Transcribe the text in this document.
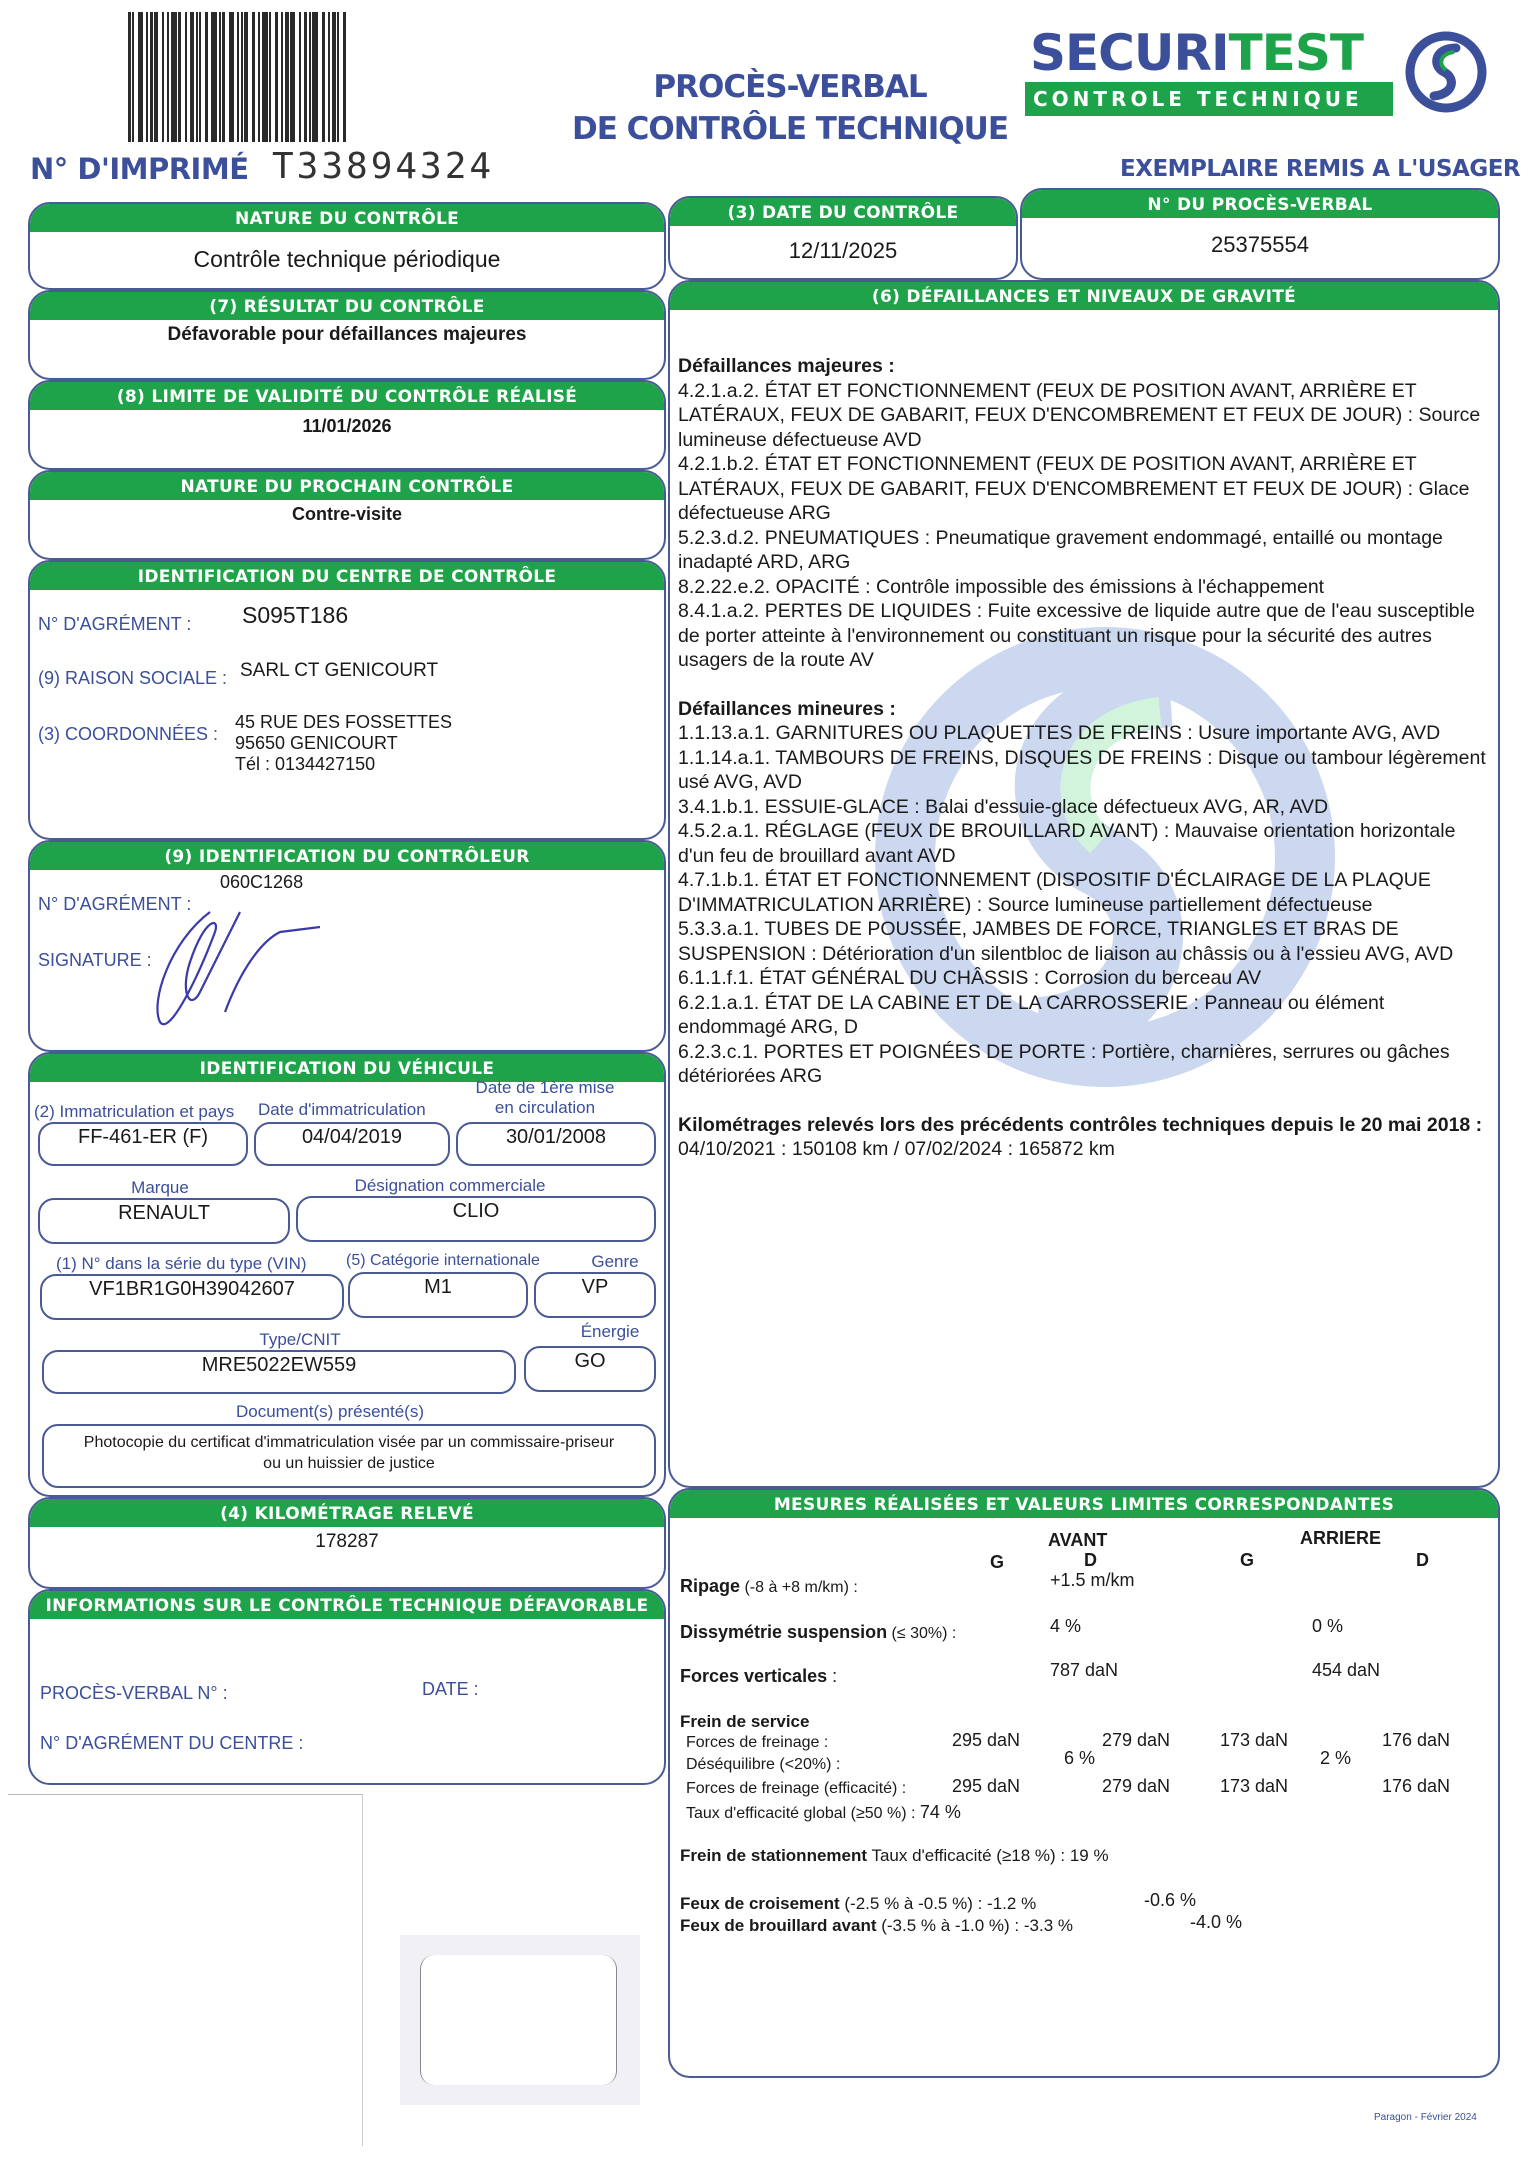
N° D'IMPRIMÉ T33894324
PROCÈS-VERBAL
DE CONTRÔLE TECHNIQUE
SECURITEST
CONTROLE TECHNIQUE
EXEMPLAIRE REMIS A L'USAGER
NATURE DU CONTRÔLE
Contrôle technique périodique
(7) RÉSULTAT DU CONTRÔLE
Défavorable pour défaillances majeures
(8) LIMITE DE VALIDITÉ DU CONTRÔLE RÉALISÉ
11/01/2026
NATURE DU PROCHAIN CONTRÔLE
Contre-visite
IDENTIFICATION DU CENTRE DE CONTRÔLE
N° D'AGRÉMENT : S095T186
(9) RAISON SOCIALE : SARL CT GENICOURT
(3) COORDONNÉES :
45 RUE DES FOSSETTES
95650 GENICOURT
Tél : 0134427150
(9) IDENTIFICATION DU CONTRÔLEUR
N° D'AGRÉMENT :
060C1268
SIGNATURE :
IDENTIFICATION DU VÉHICULE
(2) Immatriculation et pays Date d'immatriculation
Date de 1ère mise
en circulation
FF-461-ER (F)	04/04/2019	30/01/2008
Marque	Désignation commerciale
RENAULT	CLIO
(1) N° dans la série du type (VIN) (5) Catégorie internationale	Genre
VF1BR1G0H39042607	M1	VP
Type/CNIT	Énergie
MRE5022EW559	GO
Document(s) présenté(s)
Photocopie du certificat d'immatriculation visée par un commissaire-priseur
ou un huissier de justice
(4) KILOMÉTRAGE RELEVÉ
178287
INFORMATIONS SUR LE CONTRÔLE TECHNIQUE DÉFAVORABLE
PROCÈS-VERBAL N° :	DATE :
N° D'AGRÉMENT DU CENTRE :
(3) DATE DU CONTRÔLE
12/11/2025
N° DU PROCÈS-VERBAL
25375554
(6) DÉFAILLANCES ET NIVEAUX DE GRAVITÉ
Défaillances majeures :
4.2.1.a.2. ÉTAT ET FONCTIONNEMENT (FEUX DE POSITION AVANT, ARRIÈRE ET LATÉRAUX, FEUX DE GABARIT, FEUX D'ENCOMBREMENT ET FEUX DE JOUR) : Source lumineuse défectueuse AVD
4.2.1.b.2. ÉTAT ET FONCTIONNEMENT (FEUX DE POSITION AVANT, ARRIÈRE ET LATÉRAUX, FEUX DE GABARIT, FEUX D'ENCOMBREMENT ET FEUX DE JOUR) : Glace défectueuse ARG
5.2.3.d.2. PNEUMATIQUES : Pneumatique gravement endommagé, entaillé ou montage inadapté ARD, ARG
8.2.22.e.2. OPACITÉ : Contrôle impossible des émissions à l'échappement
8.4.1.a.2. PERTES DE LIQUIDES : Fuite excessive de liquide autre que de l'eau susceptible de porter atteinte à l'environnement ou constituant un risque pour la sécurité des autres usagers de la route AV
Défaillances mineures :
1.1.13.a.1. GARNITURES OU PLAQUETTES DE FREINS : Usure importante AVG, AVD
1.1.14.a.1. TAMBOURS DE FREINS, DISQUES DE FREINS : Disque ou tambour légèrement usé AVG, AVD
3.4.1.b.1. ESSUIE-GLACE : Balai d'essuie-glace défectueux AVG, AR, AVD
4.5.2.a.1. RÉGLAGE (FEUX DE BROUILLARD AVANT) : Mauvaise orientation horizontale d'un feu de brouillard avant AVD
4.7.1.b.1. ÉTAT ET FONCTIONNEMENT (DISPOSITIF D'ÉCLAIRAGE DE LA PLAQUE D'IMMATRICULATION ARRIÈRE) : Source lumineuse partiellement défectueuse
5.3.3.a.1. TUBES DE POUSSÉE, JAMBES DE FORCE, TRIANGLES ET BRAS DE SUSPENSION : Détérioration d'un silentbloc de liaison au châssis ou à l'essieu AVG, AVD
6.1.1.f.1. ÉTAT GÉNÉRAL DU CHÂSSIS : Corrosion du berceau AV
6.2.1.a.1. ÉTAT DE LA CABINE ET DE LA CARROSSERIE : Panneau ou élément endommagé ARG, D
6.2.3.c.1. PORTES ET POIGNÉES DE PORTE : Portière, charnières, serrures ou gâches détériorées ARG
Kilométrages relevés lors des précédents contrôles techniques depuis le 20 mai 2018 : 04/10/2021 : 150108 km / 07/02/2024 : 165872 km
MESURES RÉALISÉES ET VALEURS LIMITES CORRESPONDANTES
AVANT	ARRIERE
G	D	G	D
Ripage (-8 à +8 m/km) :	+1.5 m/km
Dissymétrie suspension (≤ 30%) :	4 %	0 %
Forces verticales :	787 daN	454 daN
Frein de service
Forces de freinage :	295 daN	279 daN	173 daN	176 daN
Déséquilibre (<20%) :	6 %	2 %
Forces de freinage (efficacité) :	295 daN	279 daN	173 daN	176 daN
Taux d'efficacité global (≥50 %) : 74 %
Frein de stationnement Taux d'efficacité (≥18 %) : 19 %
Feux de croisement (-2.5 % à -0.5 %) : -1.2 %	-0.6 %
Feux de brouillard avant (-3.5 % à -1.0 %) : -3.3 %	-4.0 %
Paragon - Février 2024
